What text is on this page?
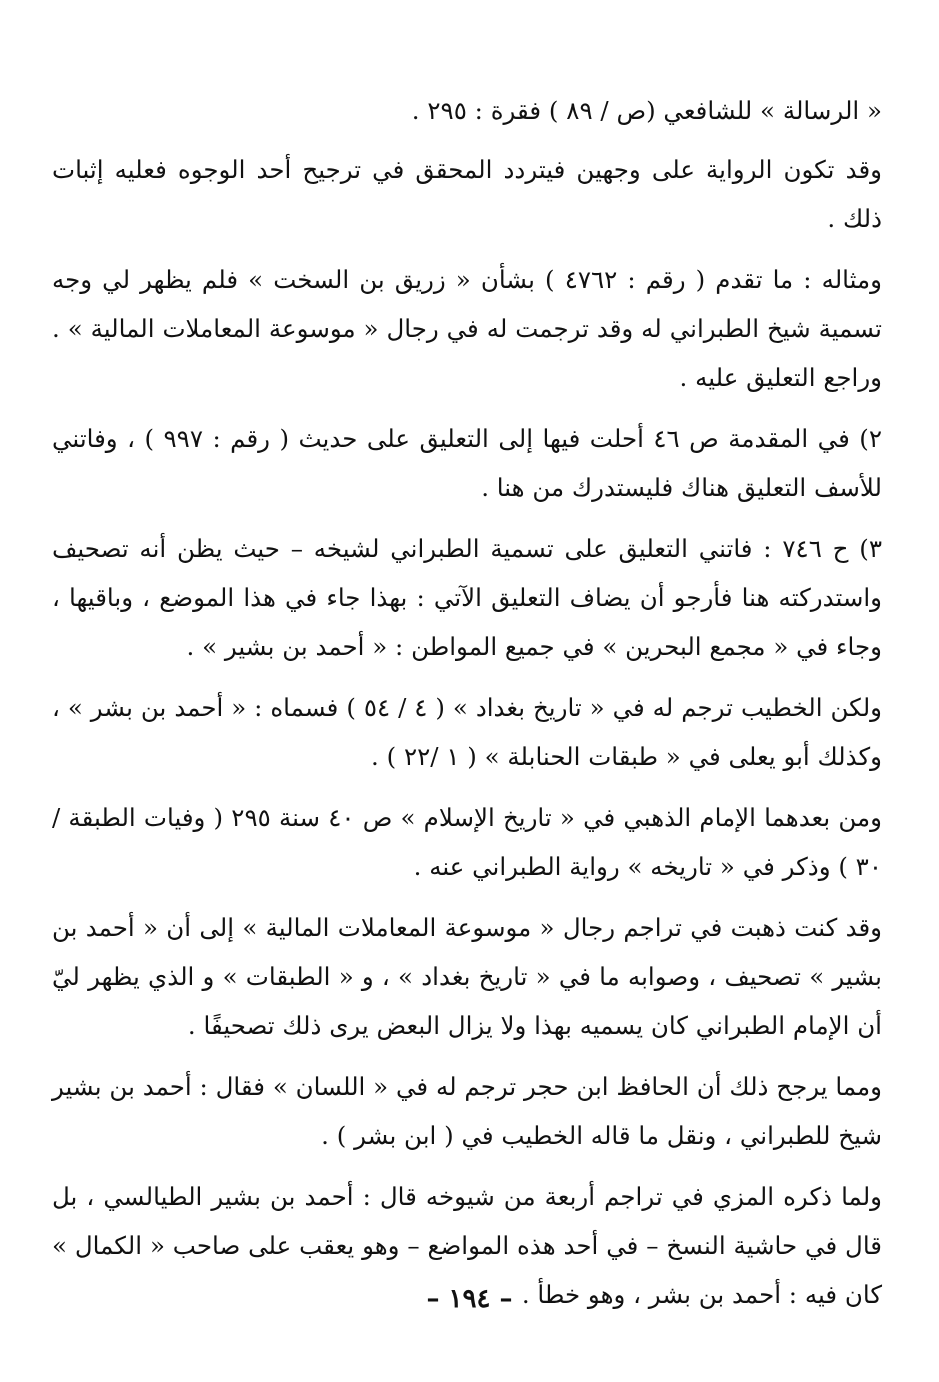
« الرسالة » للشافعي (ص / ٨٩ ) فقرة : ٢٩٥ .

وقد تكون الرواية على وجهين فيتردد المحقق في ترجيح أحد الوجوه فعليه إثبات ذلك .

ومثاله : ما تقدم ( رقم : ٤٧٦٢ ) بشأن « زريق بن السخت » فلم يظهر لي وجه تسمية شيخ الطبراني له وقد ترجمت له في رجال « موسوعة المعاملات المالية » . وراجع التعليق عليه .

٢) في المقدمة ص ٤٦ أحلت فيها إلى التعليق على حديث ( رقم : ٩٩٧ ) ، وفاتني للأسف التعليق هناك فليستدرك من هنا .

٣) ح ٧٤٦ : فاتني التعليق على تسمية الطبراني لشيخه – حيث يظن أنه تصحيف واستدركته هنا فأرجو أن يضاف التعليق الآتي : بهذا جاء في هذا الموضع ، وباقيها ، وجاء في « مجمع البحرين » في جميع المواطن : « أحمد بن بشير » .

ولكن الخطيب ترجم له في « تاريخ بغداد » ( ٤ / ٥٤ ) فسماه : « أحمد بن بشر » ، وكذلك أبو يعلى في « طبقات الحنابلة » ( ١ /٢٢ ) .

ومن بعدهما الإمام الذهبي في « تاريخ الإسلام » ص ٤٠ سنة ٢٩٥ ( وفيات الطبقة / ٣٠ ) وذكر في « تاريخه » رواية الطبراني عنه .

وقد كنت ذهبت في تراجم رجال « موسوعة المعاملات المالية » إلى أن « أحمد بن بشير » تصحيف ، وصوابه ما في « تاريخ بغداد » ، و « الطبقات » و الذي يظهر ليّ أن الإمام الطبراني كان يسميه بهذا ولا يزال البعض يرى ذلك تصحيفًا .

ومما يرجح ذلك أن الحافظ ابن حجر ترجم له في « اللسان » فقال : أحمد بن بشير شيخ للطبراني ، ونقل ما قاله الخطيب في ( ابن بشر ) .

ولما ذكره المزي في تراجم أربعة من شيوخه قال : أحمد بن بشير الطيالسي ، بل قال في حاشية النسخ – في أحد هذه المواضع – وهو يعقب على صاحب « الكمال » كان فيه : أحمد بن بشر ، وهو خطأ .

– ١٩٤ –
